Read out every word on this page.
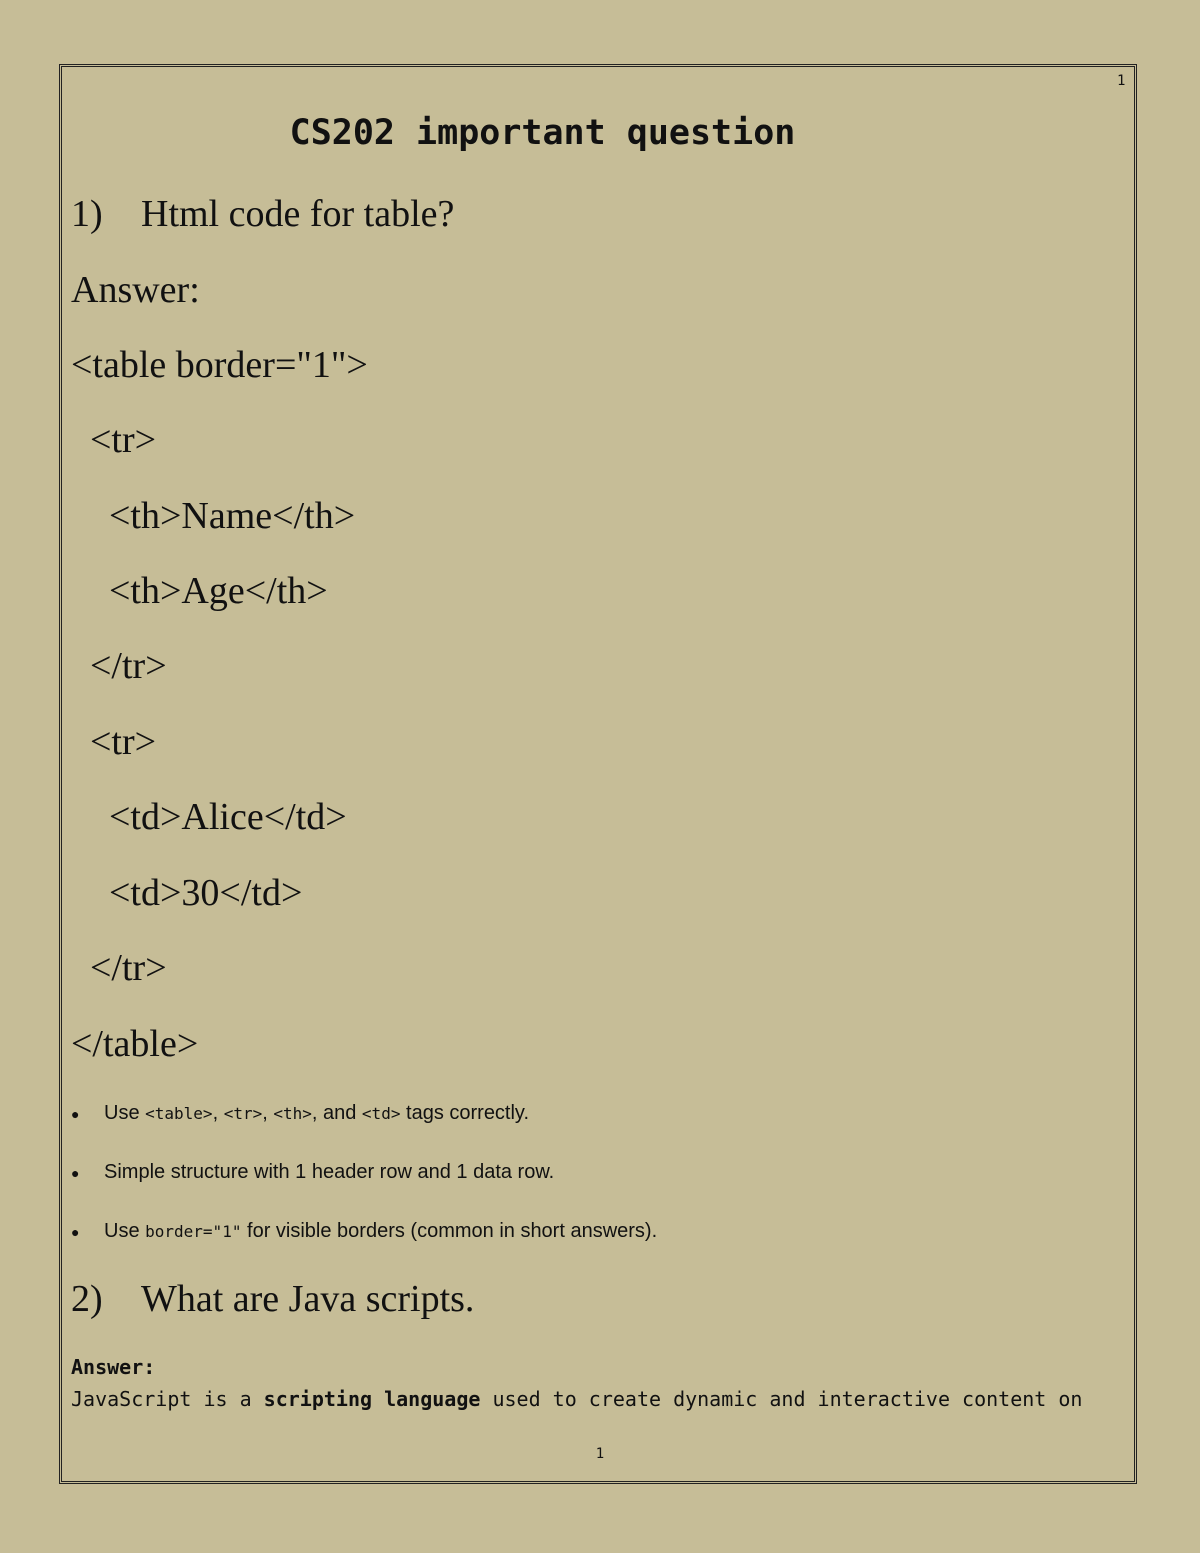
1
CS202 important question
1) Html code for table?
Answer:
<table border="1">
<tr>
<th>Name</th>
<th>Age</th>
</tr>
<tr>
<td>Alice</td>
<td>30</td>
</tr>
</table>
● Use <table>, <tr>, <th>, and <td> tags correctly.
● Simple structure with 1 header row and 1 data row.
● Use border="1" for visible borders (common in short answers).
2) What are Java scripts.
Answer:
JavaScript is a scripting language used to create dynamic and interactive content on
1
